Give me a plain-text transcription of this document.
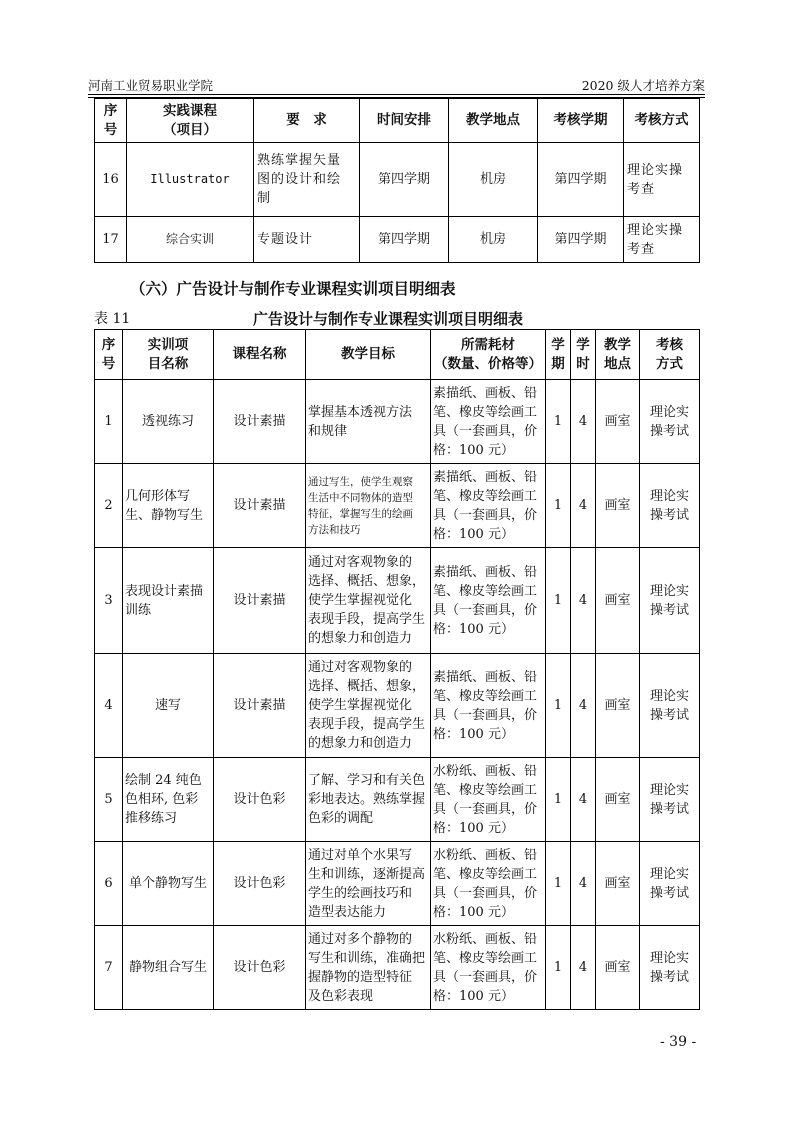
河南工业贸易职业学院	2020 级人才培养方案
序
号	实践课程
（项目）	要　求	时间安排	教学地点	考核学期	考核方式
16	Illustrator	熟练掌握矢量
图的设计和绘
制	第四学期	机房	第四学期	理论实操
考查
17	综合实训	专题设计	第四学期	机房	第四学期	理论实操
考查
（六）广告设计与制作专业课程实训项目明细表
表 11	广告设计与制作专业课程实训项目明细表
序
号	实训项
目名称	课程名称	教学目标	所需耗材
（数量、价格等）	学
期	学
时	教学
地点	考核
方式
1	透视练习	设计素描	掌握基本透视方法
和规律	素描纸、画板、铅
笔、橡皮等绘画工
具（一套画具，价
格：100 元）	1	4	画室	理论实
操考试
2	几何形体写
生、静物写生	设计素描	通过写生，使学生观察
生活中不同物体的造型
特征，掌握写生的绘画
方法和技巧	素描纸、画板、铅
笔、橡皮等绘画工
具（一套画具，价
格：100 元）	1	4	画室	理论实
操考试
3	表现设计素描
训练	设计素描	通过对客观物象的
选择、概括、想象，
使学生掌握视觉化
表现手段，提高学生
的想象力和创造力	素描纸、画板、铅
笔、橡皮等绘画工
具（一套画具，价
格：100 元）	1	4	画室	理论实
操考试
4	速写	设计素描	通过对客观物象的
选择、概括、想象，
使学生掌握视觉化
表现手段，提高学生
的想象力和创造力	素描纸、画板、铅
笔、橡皮等绘画工
具（一套画具，价
格：100 元）	1	4	画室	理论实
操考试
5	绘制 24 纯色
色相环, 色彩
推移练习	设计色彩	了解、学习和有关色
彩地表达。熟练掌握
色彩的调配	水粉纸、画板、铅
笔、橡皮等绘画工
具（一套画具，价
格：100 元）	1	4	画室	理论实
操考试
6	单个静物写生	设计色彩	通过对单个水果写
生和训练，逐渐提高
学生的绘画技巧和
造型表达能力	水粉纸、画板、铅
笔、橡皮等绘画工
具（一套画具，价
格：100 元）	1	4	画室	理论实
操考试
7	静物组合写生	设计色彩	通过对多个静物的
写生和训练，准确把
握静物的造型特征
及色彩表现	水粉纸、画板、铅
笔、橡皮等绘画工
具（一套画具，价
格：100 元）	1	4	画室	理论实
操考试
- 39 -
